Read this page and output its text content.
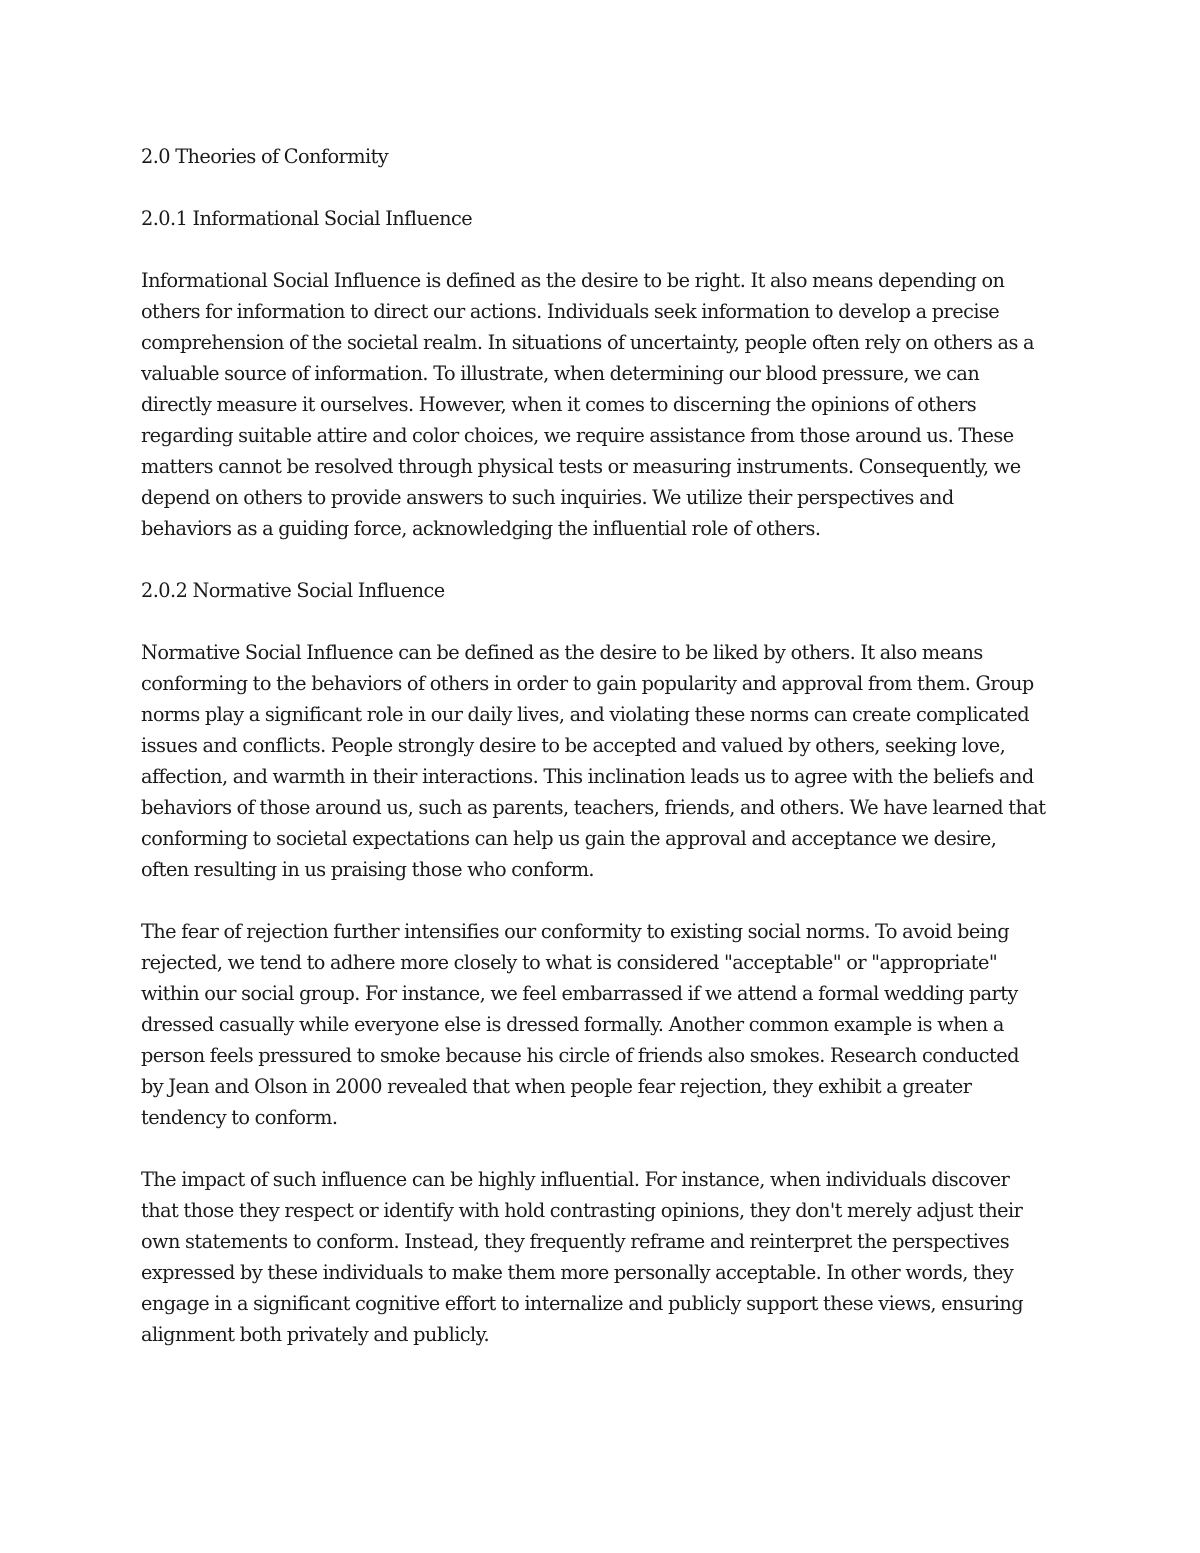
2.0 Theories of Conformity
2.0.1 Informational Social Influence
Informational Social Influence is defined as the desire to be right. It also means depending on
others for information to direct our actions. Individuals seek information to develop a precise
comprehension of the societal realm. In situations of uncertainty, people often rely on others as a
valuable source of information. To illustrate, when determining our blood pressure, we can
directly measure it ourselves. However, when it comes to discerning the opinions of others
regarding suitable attire and color choices, we require assistance from those around us. These
matters cannot be resolved through physical tests or measuring instruments. Consequently, we
depend on others to provide answers to such inquiries. We utilize their perspectives and
behaviors as a guiding force, acknowledging the influential role of others.
2.0.2 Normative Social Influence
Normative Social Influence can be defined as the desire to be liked by others. It also means
conforming to the behaviors of others in order to gain popularity and approval from them. Group
norms play a significant role in our daily lives, and violating these norms can create complicated
issues and conflicts. People strongly desire to be accepted and valued by others, seeking love,
affection, and warmth in their interactions. This inclination leads us to agree with the beliefs and
behaviors of those around us, such as parents, teachers, friends, and others. We have learned that
conforming to societal expectations can help us gain the approval and acceptance we desire,
often resulting in us praising those who conform.
The fear of rejection further intensifies our conformity to existing social norms. To avoid being
rejected, we tend to adhere more closely to what is considered "acceptable" or "appropriate"
within our social group. For instance, we feel embarrassed if we attend a formal wedding party
dressed casually while everyone else is dressed formally. Another common example is when a
person feels pressured to smoke because his circle of friends also smokes. Research conducted
by Jean and Olson in 2000 revealed that when people fear rejection, they exhibit a greater
tendency to conform.
The impact of such influence can be highly influential. For instance, when individuals discover
that those they respect or identify with hold contrasting opinions, they don't merely adjust their
own statements to conform. Instead, they frequently reframe and reinterpret the perspectives
expressed by these individuals to make them more personally acceptable. In other words, they
engage in a significant cognitive effort to internalize and publicly support these views, ensuring
alignment both privately and publicly.
